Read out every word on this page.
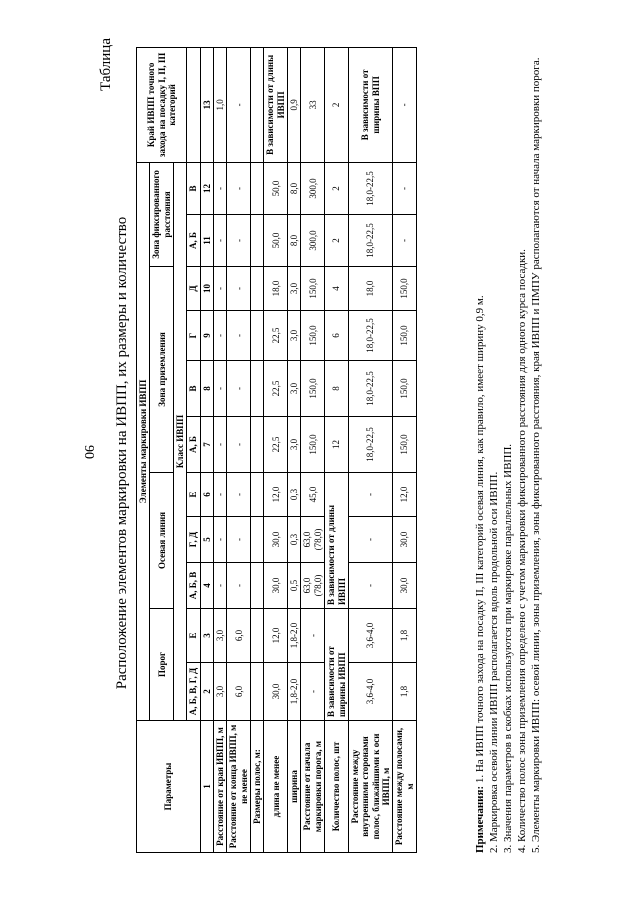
90
Таблица
Расположение элементов маркировки на ИВПП, их размеры и количество
Параметры	Элементы маркировки ИВПП											Край ИВПП точного захода на посадку I, II, III категорий
	Порог		Осевая линия			Зона приземления				Зона фиксированного расстояния		
	Класс ИВПП											
	А, Б, В, Г, Д	Е	А, Б, В	Г, Д	Е	А, Б	В	Г	Д	А, Б	В	
1	2	3	4	5	6	7	8	9	10	11	12	13
Расстояние от края ИВПП, м	3,0	3,0	-	-	-	-	-	-	-	-	-	1,0
Расстояние от конца ИВПП, м не менее	6,0	6,0	-	-	-	-	-	-	-	-	-	-
Размеры полос, м:												
длина не менее	30,0	12,0	30,0	30,0	12,0	22,5	22,5	22,5	18,0	50,0	50,0	В зависимости от длины ИВПП
ширина	1,8-2,0	1,8-2,0	0,5	0,3	0,3	3,0	3,0	3,0	3,0	8,0	8,0	0,9
Расстояние от начала маркировки порога, м	-	-	63,0 (78,0)	63,0 (78,0)	45,0	150,0	150,0	150,0	150,0	300,0	300,0	33
Количество полос, шт	В зависимости от ширины ИВПП		В зависимости от длины ИВПП			12	8	6	4	2	2	2
Расстояние между внутренними сторонами полос, ближайшими к оси ИВПП, м	3,6-4,0	3,6-4,0	-	-	-	18,0-22,5	18,0-22,5	18,0-22,5	18,0	18,0-22,5	18,0-22,5	В зависимости от ширины ВПП
Расстояние между полосами, м	1,8	1,8	30,0	30,0	12,0	150,0	150,0	150,0	150,0	-	-	-
Примечания: 1. На ИВПП точного захода на посадку II, III категорий осевая линия, как правило, имеет ширину 0,9 м. 2. Маркировка осевой линии ИВПП располагается вдоль продольной оси ИВПП. 3. Значения параметров в скобках используются при маркировке параллельных ИВПП. 4. Количество полос зоны приземления определено с учетом маркировки фиксированного расстояния для одного курса посадки. 5. Элементы маркировки ИВПП: осевой линии, зоны приземления, зоны фиксированного расстояния, края ИВПП и ПМПУ располагаются от начала маркировки порога.
